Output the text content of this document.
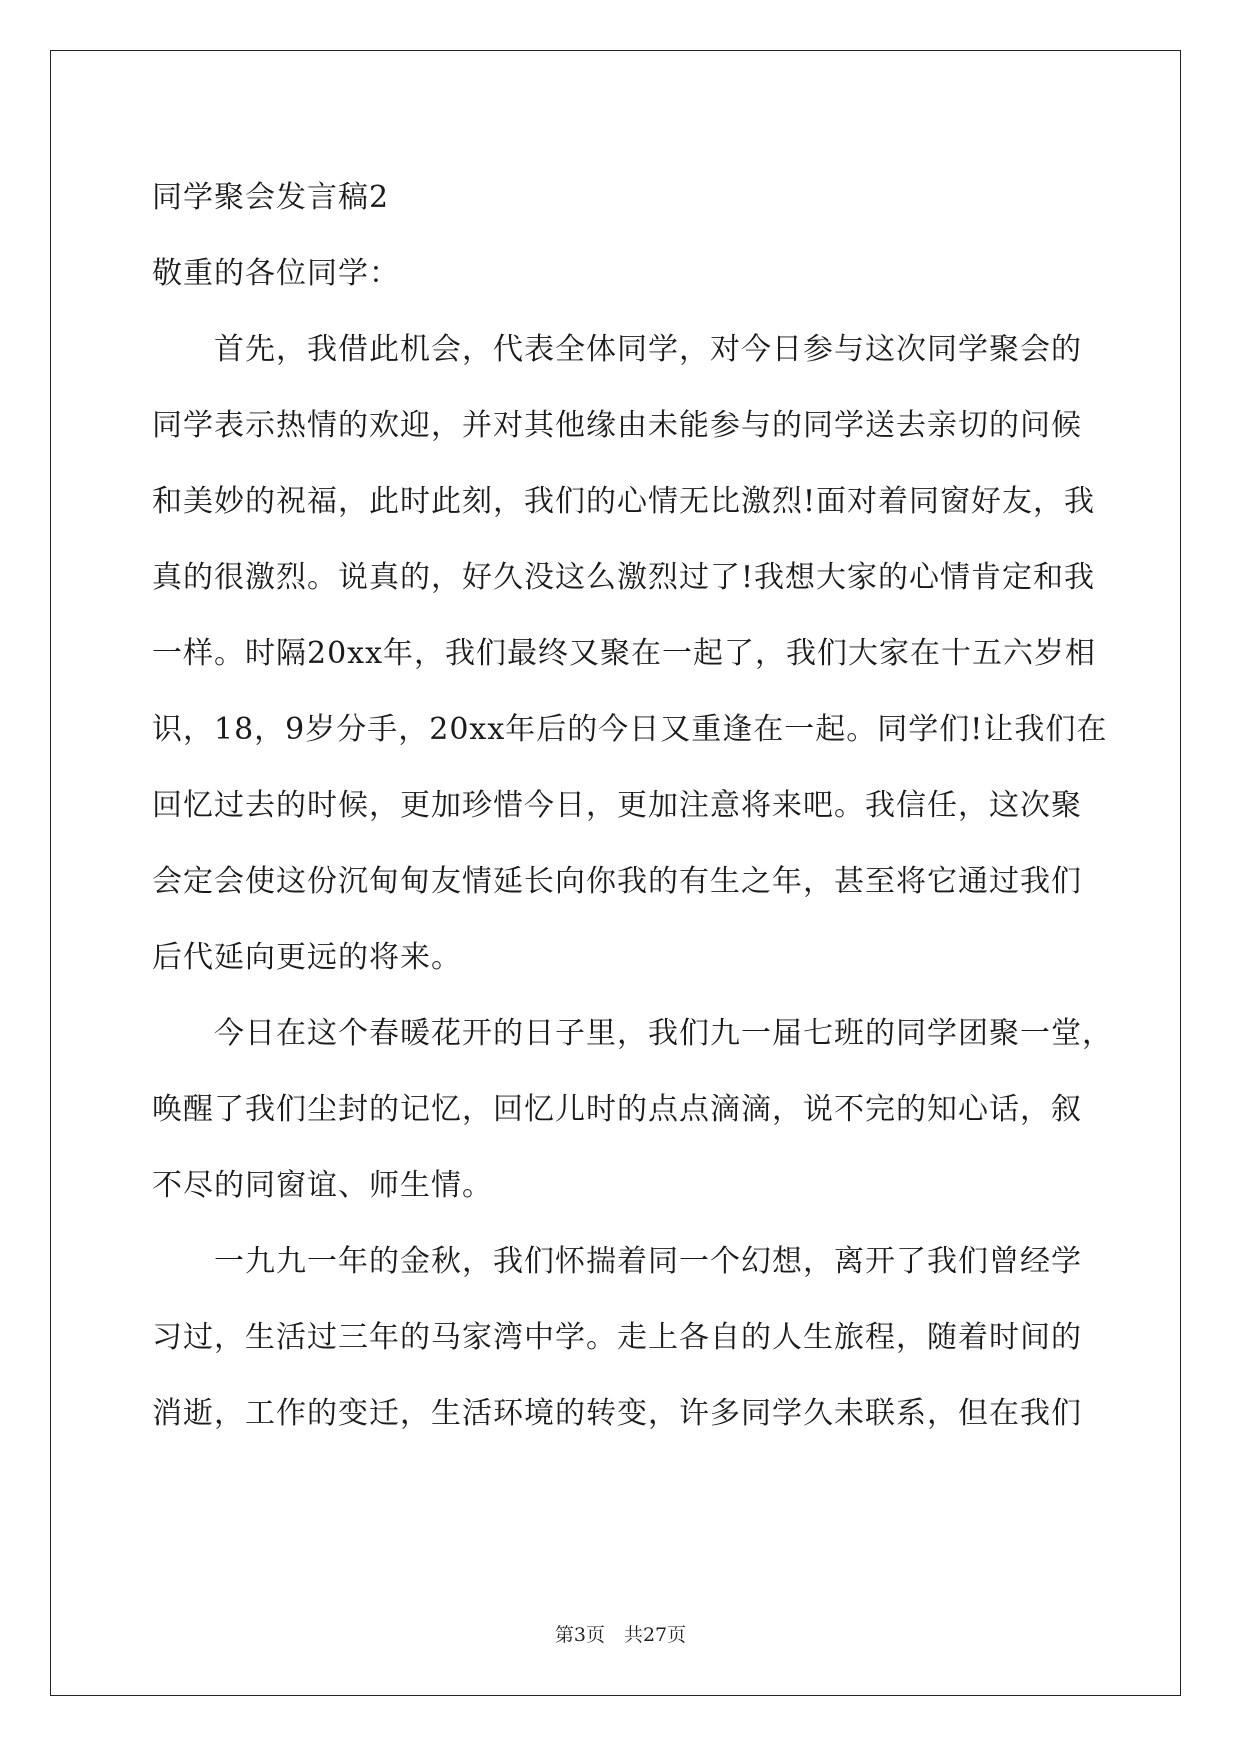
同学聚会发言稿2
敬重的各位同学：
　　首先，我借此机会，代表全体同学，对今日参与这次同学聚会的
同学表示热情的欢迎，并对其他缘由未能参与的同学送去亲切的问候
和美妙的祝福，此时此刻，我们的心情无比激烈!面对着同窗好友，我
真的很激烈。说真的，好久没这么激烈过了!我想大家的心情肯定和我
一样。时隔20xx年，我们最终又聚在一起了，我们大家在十五六岁相
识，18，9岁分手，20xx年后的今日又重逢在一起。同学们!让我们在
回忆过去的时候，更加珍惜今日，更加注意将来吧。我信任，这次聚
会定会使这份沉甸甸友情延长向你我的有生之年，甚至将它通过我们
后代延向更远的将来。
　　今日在这个春暖花开的日子里，我们九一届七班的同学团聚一堂，
唤醒了我们尘封的记忆，回忆儿时的点点滴滴，说不完的知心话，叙
不尽的同窗谊、师生情。
　　一九九一年的金秋，我们怀揣着同一个幻想，离开了我们曾经学
习过，生活过三年的马家湾中学。走上各自的人生旅程，随着时间的
消逝，工作的变迁，生活环境的转变，许多同学久未联系，但在我们
第3页　共27页
